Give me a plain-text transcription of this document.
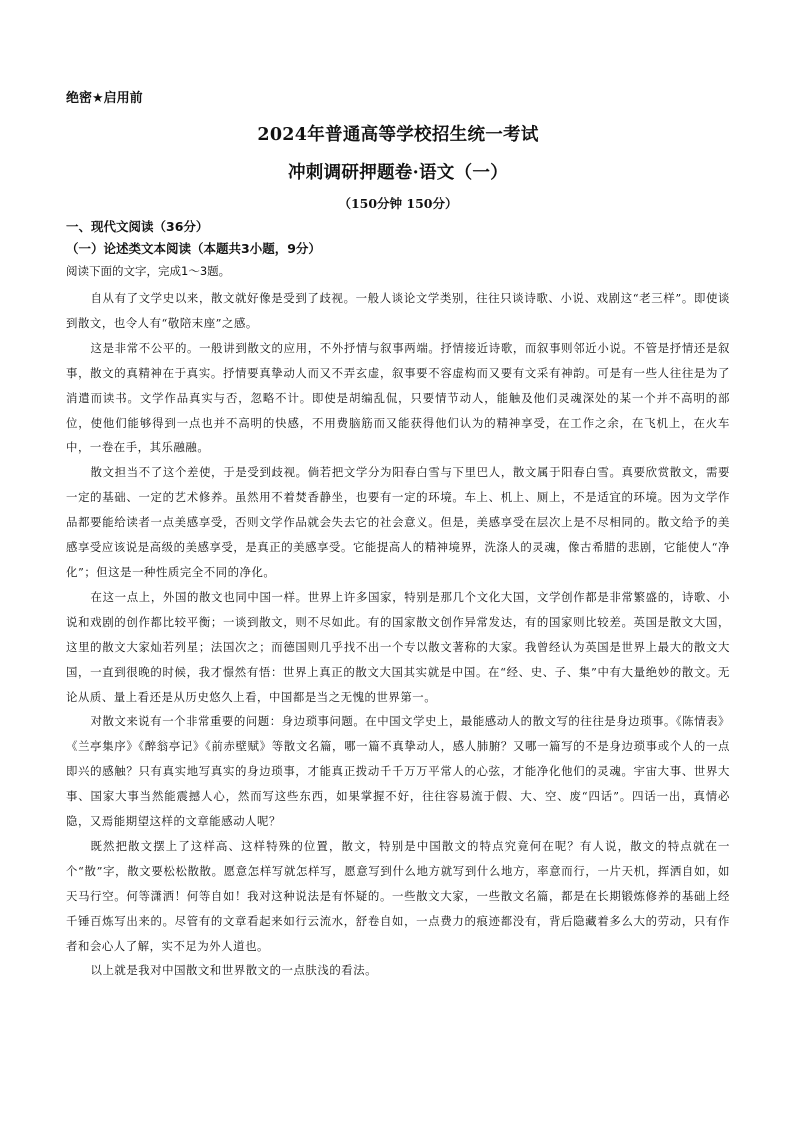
绝密★启用前
2024年普通高等学校招生统一考试
冲刺调研押题卷·语文（一）
（150分钟 150分）
一、现代文阅读（36分）
（一）论述类文本阅读（本题共3小题，9分）
阅读下面的文字，完成1～3题。

自从有了文学史以来，散文就好像是受到了歧视。一般人谈论文学类别，往往只谈诗歌、小说、戏剧这“老三样”。即使谈到散文，也令人有“敬陪末座”之感。

这是非常不公平的。一般讲到散文的应用，不外抒情与叙事两端。抒情接近诗歌，而叙事则邻近小说。不管是抒情还是叙事，散文的真精神在于真实。抒情要真挚动人而又不弄玄虚，叙事要不容虚构而又要有文采有神韵。可是有一些人往往是为了消遣而读书。文学作品真实与否，忽略不计。即使是胡编乱侃，只要情节动人，能触及他们灵魂深处的某一个并不高明的部位，使他们能够得到一点也并不高明的快感，不用费脑筋而又能获得他们认为的精神享受，在工作之余，在飞机上，在火车中，一卷在手，其乐融融。

散文担当不了这个差使，于是受到歧视。倘若把文学分为阳春白雪与下里巴人，散文属于阳春白雪。真要欣赏散文，需要一定的基础、一定的艺术修养。虽然用不着焚香静坐，也要有一定的环境。车上、机上、厕上，不是适宜的环境。因为文学作品都要能给读者一点美感享受，否则文学作品就会失去它的社会意义。但是，美感享受在层次上是不尽相同的。散文给予的美感享受应该说是高级的美感享受，是真正的美感享受。它能提高人的精神境界，洗涤人的灵魂，像古希腊的悲剧，它能使人“净化”；但这是一种性质完全不同的净化。

在这一点上，外国的散文也同中国一样。世界上许多国家，特别是那几个文化大国，文学创作都是非常繁盛的，诗歌、小说和戏剧的创作都比较平衡；一谈到散文，则不尽如此。有的国家散文创作异常发达，有的国家则比较差。英国是散文大国，这里的散文大家灿若列星；法国次之；而德国则几乎找不出一个专以散文著称的大家。我曾经认为英国是世界上最大的散文大国，一直到很晚的时候，我才憬然有悟：世界上真正的散文大国其实就是中国。在“经、史、子、集”中有大量绝妙的散文。无论从质、量上看还是从历史悠久上看，中国都是当之无愧的世界第一。

对散文来说有一个非常重要的问题：身边琐事问题。在中国文学史上，最能感动人的散文写的往往是身边琐事。《陈情表》《兰亭集序》《醉翁亭记》《前赤壁赋》等散文名篇，哪一篇不真挚动人，感人肺腑？又哪一篇写的不是身边琐事或个人的一点即兴的感触？只有真实地写真实的身边琐事，才能真正拨动千千万万平常人的心弦，才能净化他们的灵魂。宇宙大事、世界大事、国家大事当然能震撼人心，然而写这些东西，如果掌握不好，往往容易流于假、大、空、废“四话”。四话一出，真情必隐，又焉能期望这样的文章能感动人呢？

既然把散文摆上了这样高、这样特殊的位置，散文，特别是中国散文的特点究竟何在呢？有人说，散文的特点就在一个“散”字，散文要松松散散。愿意怎样写就怎样写，愿意写到什么地方就写到什么地方，率意而行，一片天机，挥洒自如，如天马行空。何等潇洒！何等自如！我对这种说法是有怀疑的。一些散文大家，一些散文名篇，都是在长期锻炼修养的基础上经千锤百炼写出来的。尽管有的文章看起来如行云流水，舒卷自如，一点费力的痕迹都没有，背后隐藏着多么大的劳动，只有作者和会心人了解，实不足为外人道也。

以上就是我对中国散文和世界散文的一点肤浅的看法。
